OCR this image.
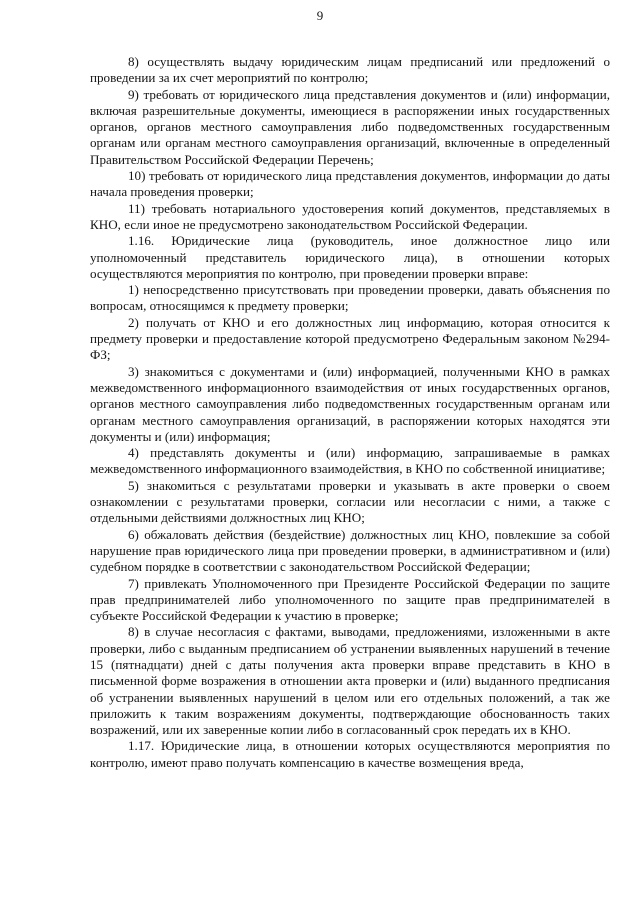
9

8) осуществлять выдачу юридическим лицам предписаний или предложений о проведении за их счет мероприятий по контролю;

9) требовать от юридического лица представления документов и (или) информации, включая разрешительные документы, имеющиеся в распоряжении иных государственных органов, органов местного самоуправления либо подведомственных государственным органам или органам местного самоуправления организаций, включенные в определенный Правительством Российской Федерации Перечень;

10) требовать от юридического лица представления документов, информации до даты начала проведения проверки;

11) требовать нотариального удостоверения копий документов, представляемых в КНО, если иное не предусмотрено законодательством Российской Федерации.

1.16. Юридические лица (руководитель, иное должностное лицо или уполномоченный представитель юридического лица), в отношении которых осуществляются мероприятия по контролю, при проведении проверки вправе:

1) непосредственно присутствовать при проведении проверки, давать объяснения по вопросам, относящимся к предмету проверки;

2) получать от КНО и его должностных лиц информацию, которая относится к предмету проверки и предоставление которой предусмотрено Федеральным законом №294-ФЗ;

3) знакомиться с документами и (или) информацией, полученными КНО в рамках межведомственного информационного взаимодействия от иных государственных органов, органов местного самоуправления либо подведомственных государственным органам или органам местного самоуправления организаций, в распоряжении которых находятся эти документы и (или) информация;

4) представлять документы и (или) информацию, запрашиваемые в рамках межведомственного информационного взаимодействия, в КНО по собственной инициативе;

5) знакомиться с результатами проверки и указывать в акте проверки о своем ознакомлении с результатами проверки, согласии или несогласии с ними, а также с отдельными действиями должностных лиц КНО;

6) обжаловать действия (бездействие) должностных лиц КНО, повлекшие за собой нарушение прав юридического лица при проведении проверки, в административном и (или) судебном порядке в соответствии с законодательством Российской Федерации;

7) привлекать Уполномоченного при Президенте Российской Федерации по защите прав предпринимателей либо уполномоченного по защите прав предпринимателей в субъекте Российской Федерации к участию в проверке;

8) в случае несогласия с фактами, выводами, предложениями, изложенными в акте проверки, либо с выданным предписанием об устранении выявленных нарушений в течение 15 (пятнадцати) дней с даты получения акта проверки вправе представить в КНО в письменной форме возражения в отношении акта проверки и (или) выданного предписания об устранении выявленных нарушений в целом или его отдельных положений, а так же приложить к таким возражениям документы, подтверждающие обоснованность таких возражений, или их заверенные копии либо в согласованный срок передать их в КНО.

1.17. Юридические лица, в отношении которых осуществляются мероприятия по контролю, имеют право получать компенсацию в качестве возмещения вреда,
